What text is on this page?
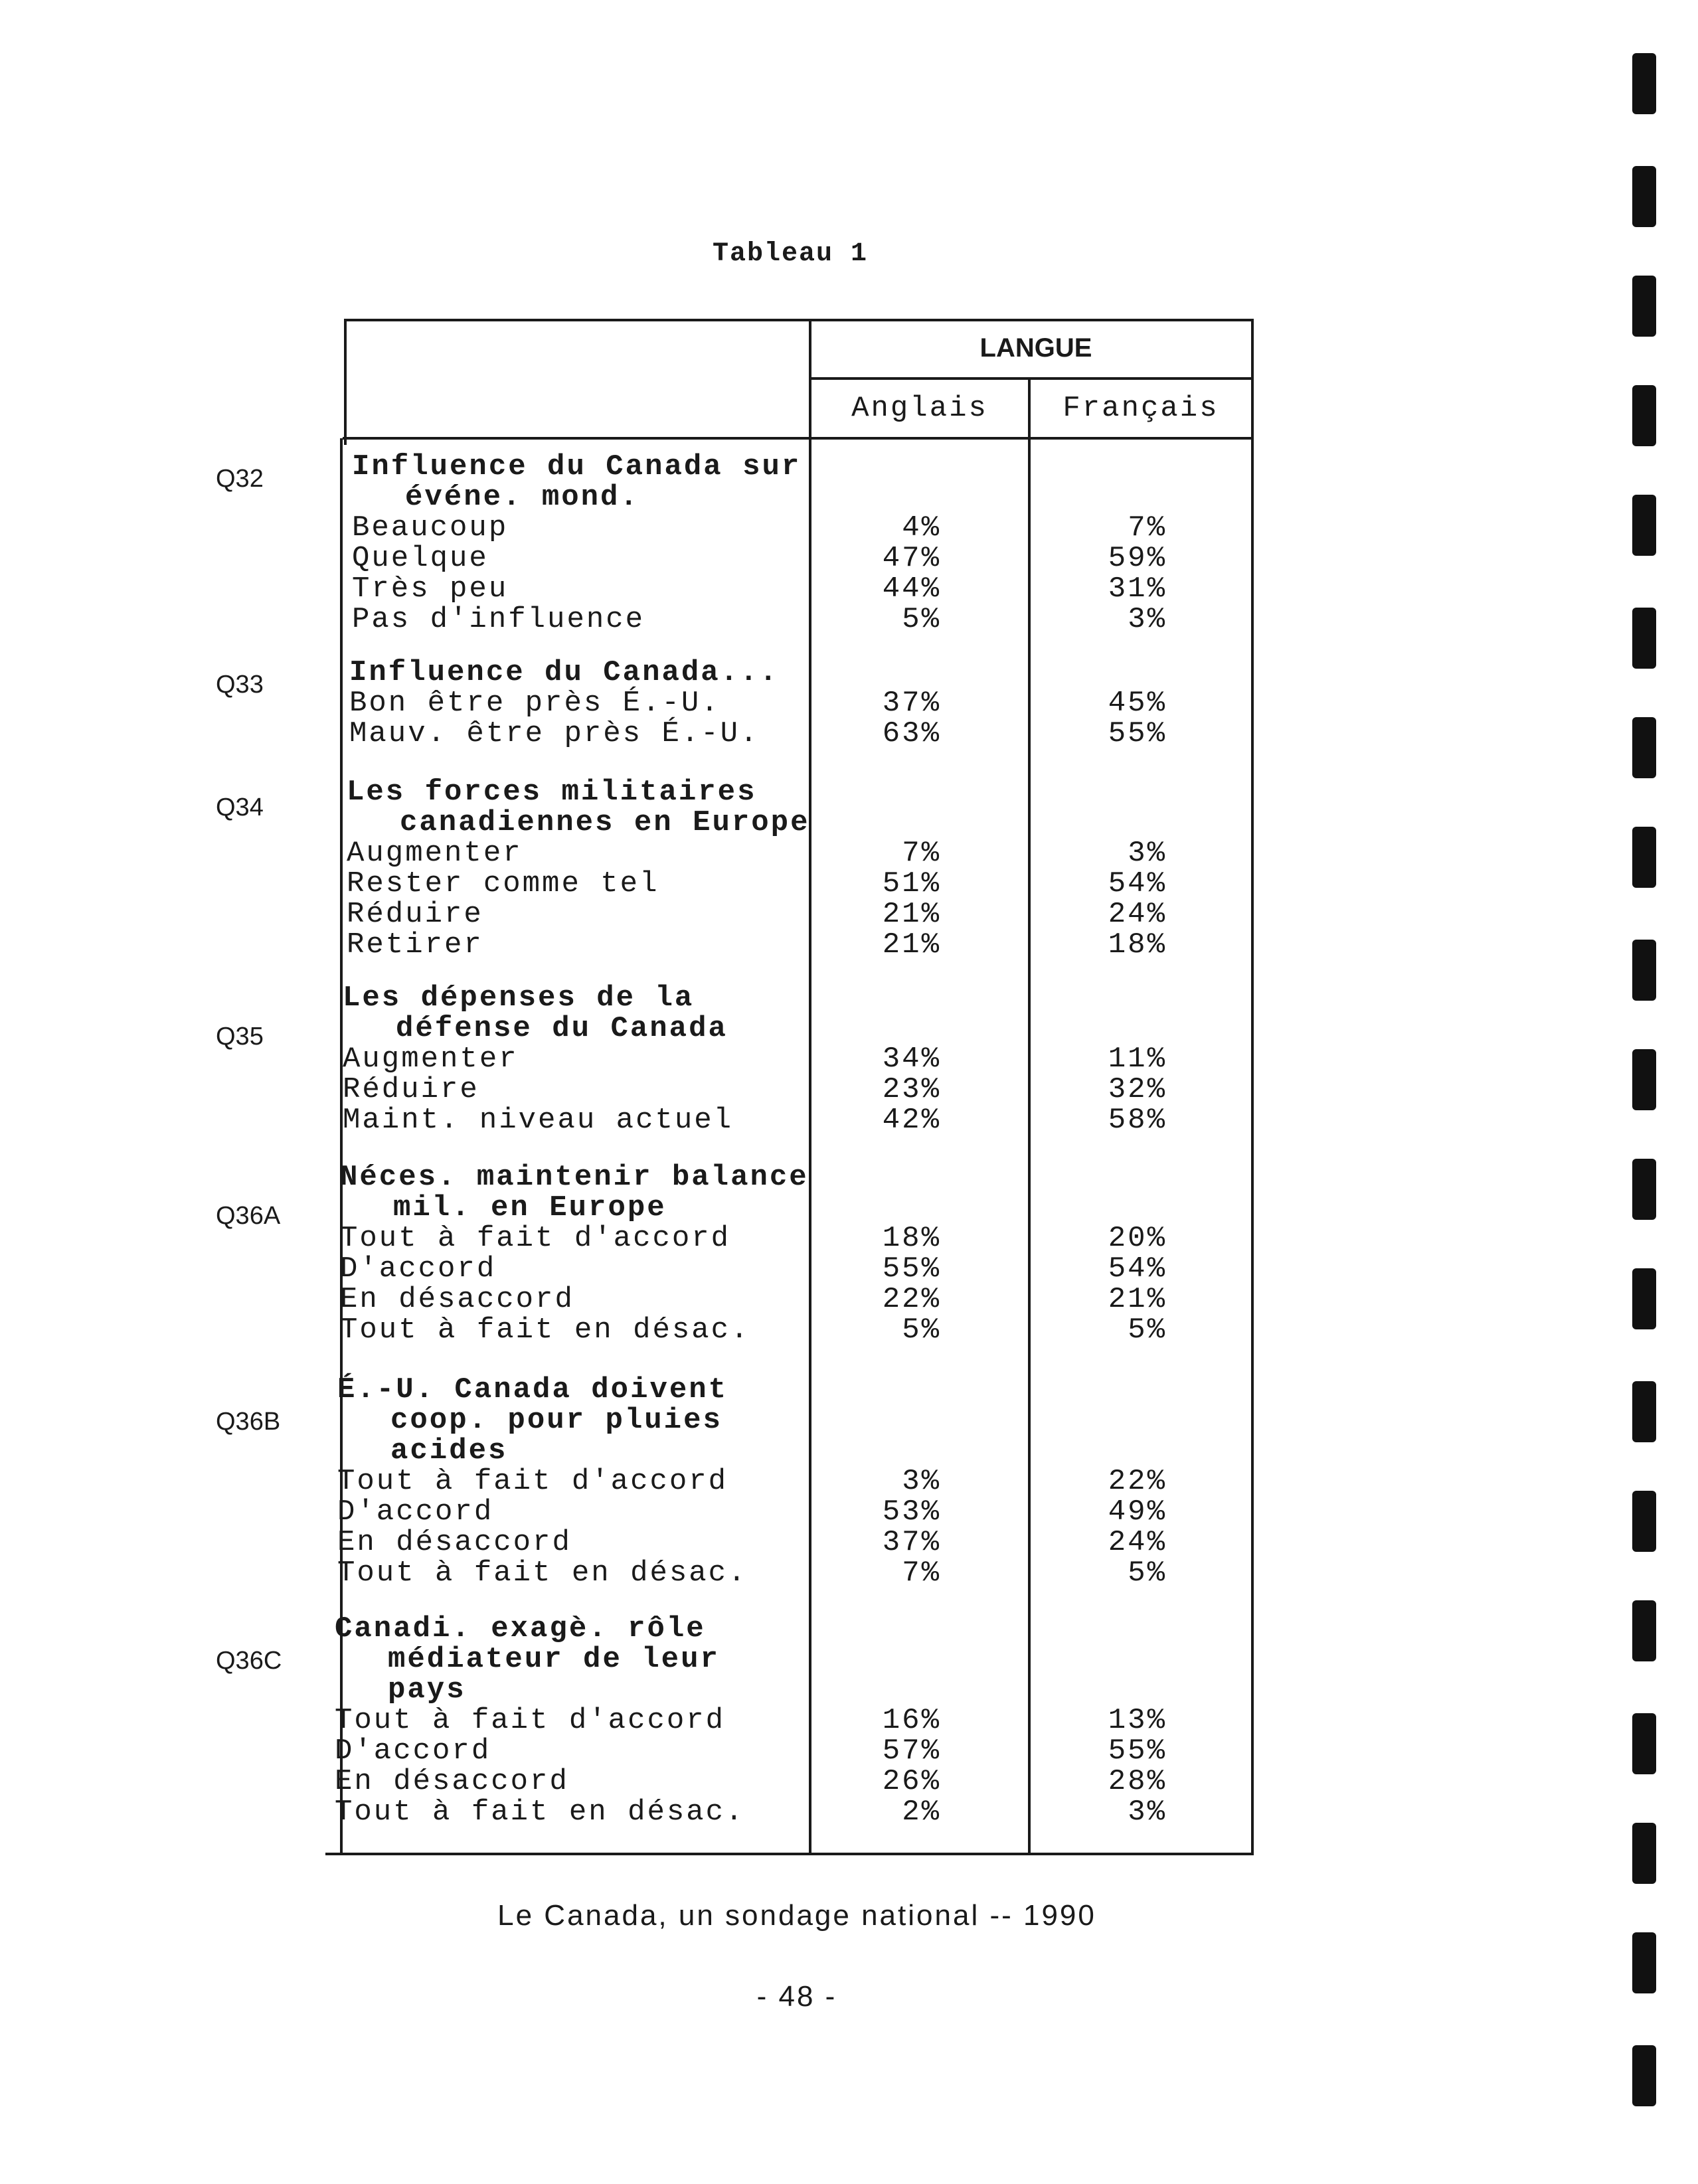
Tableau 1
LANGUE
Anglais	Français
Q32	Influence du Canada sur
événe. mond.
Beaucoup	4%	7%
Quelque	47%	59%
Très peu	44%	31%
Pas d'influence	5%	3%
Q33	Influence du Canada...
Bon être près É.-U.	37%	45%
Mauv. être près É.-U.	63%	55%
Q34	Les forces militaires
canadiennes en Europe
Augmenter	7%	3%
Rester comme tel	51%	54%
Réduire	21%	24%
Retirer	21%	18%
Q35
Les dépenses de la
défense du Canada
Augmenter	34%	11%
Réduire	23%	32%
Maint. niveau actuel	42%	58%
Q36A
Néces. maintenir balance
mil. en Europe
Tout à fait d'accord	18%	20%
D'accord	55%	54%
En désaccord	22%	21%
Tout à fait en désac.	5%	5%
Q36B
É.-U. Canada doivent
coop. pour pluies
acides
Tout à fait d'accord	3%	22%
D'accord	53%	49%
En désaccord	37%	24%
Tout à fait en désac.	7%	5%
Q36C
Canadi. exagè. rôle
médiateur de leur
pays
Tout à fait d'accord	16%	13%
D'accord	57%	55%
En désaccord	26%	28%
Tout à fait en désac.	2%	3%
Le Canada, un sondage national -- 1990
- 48 -
